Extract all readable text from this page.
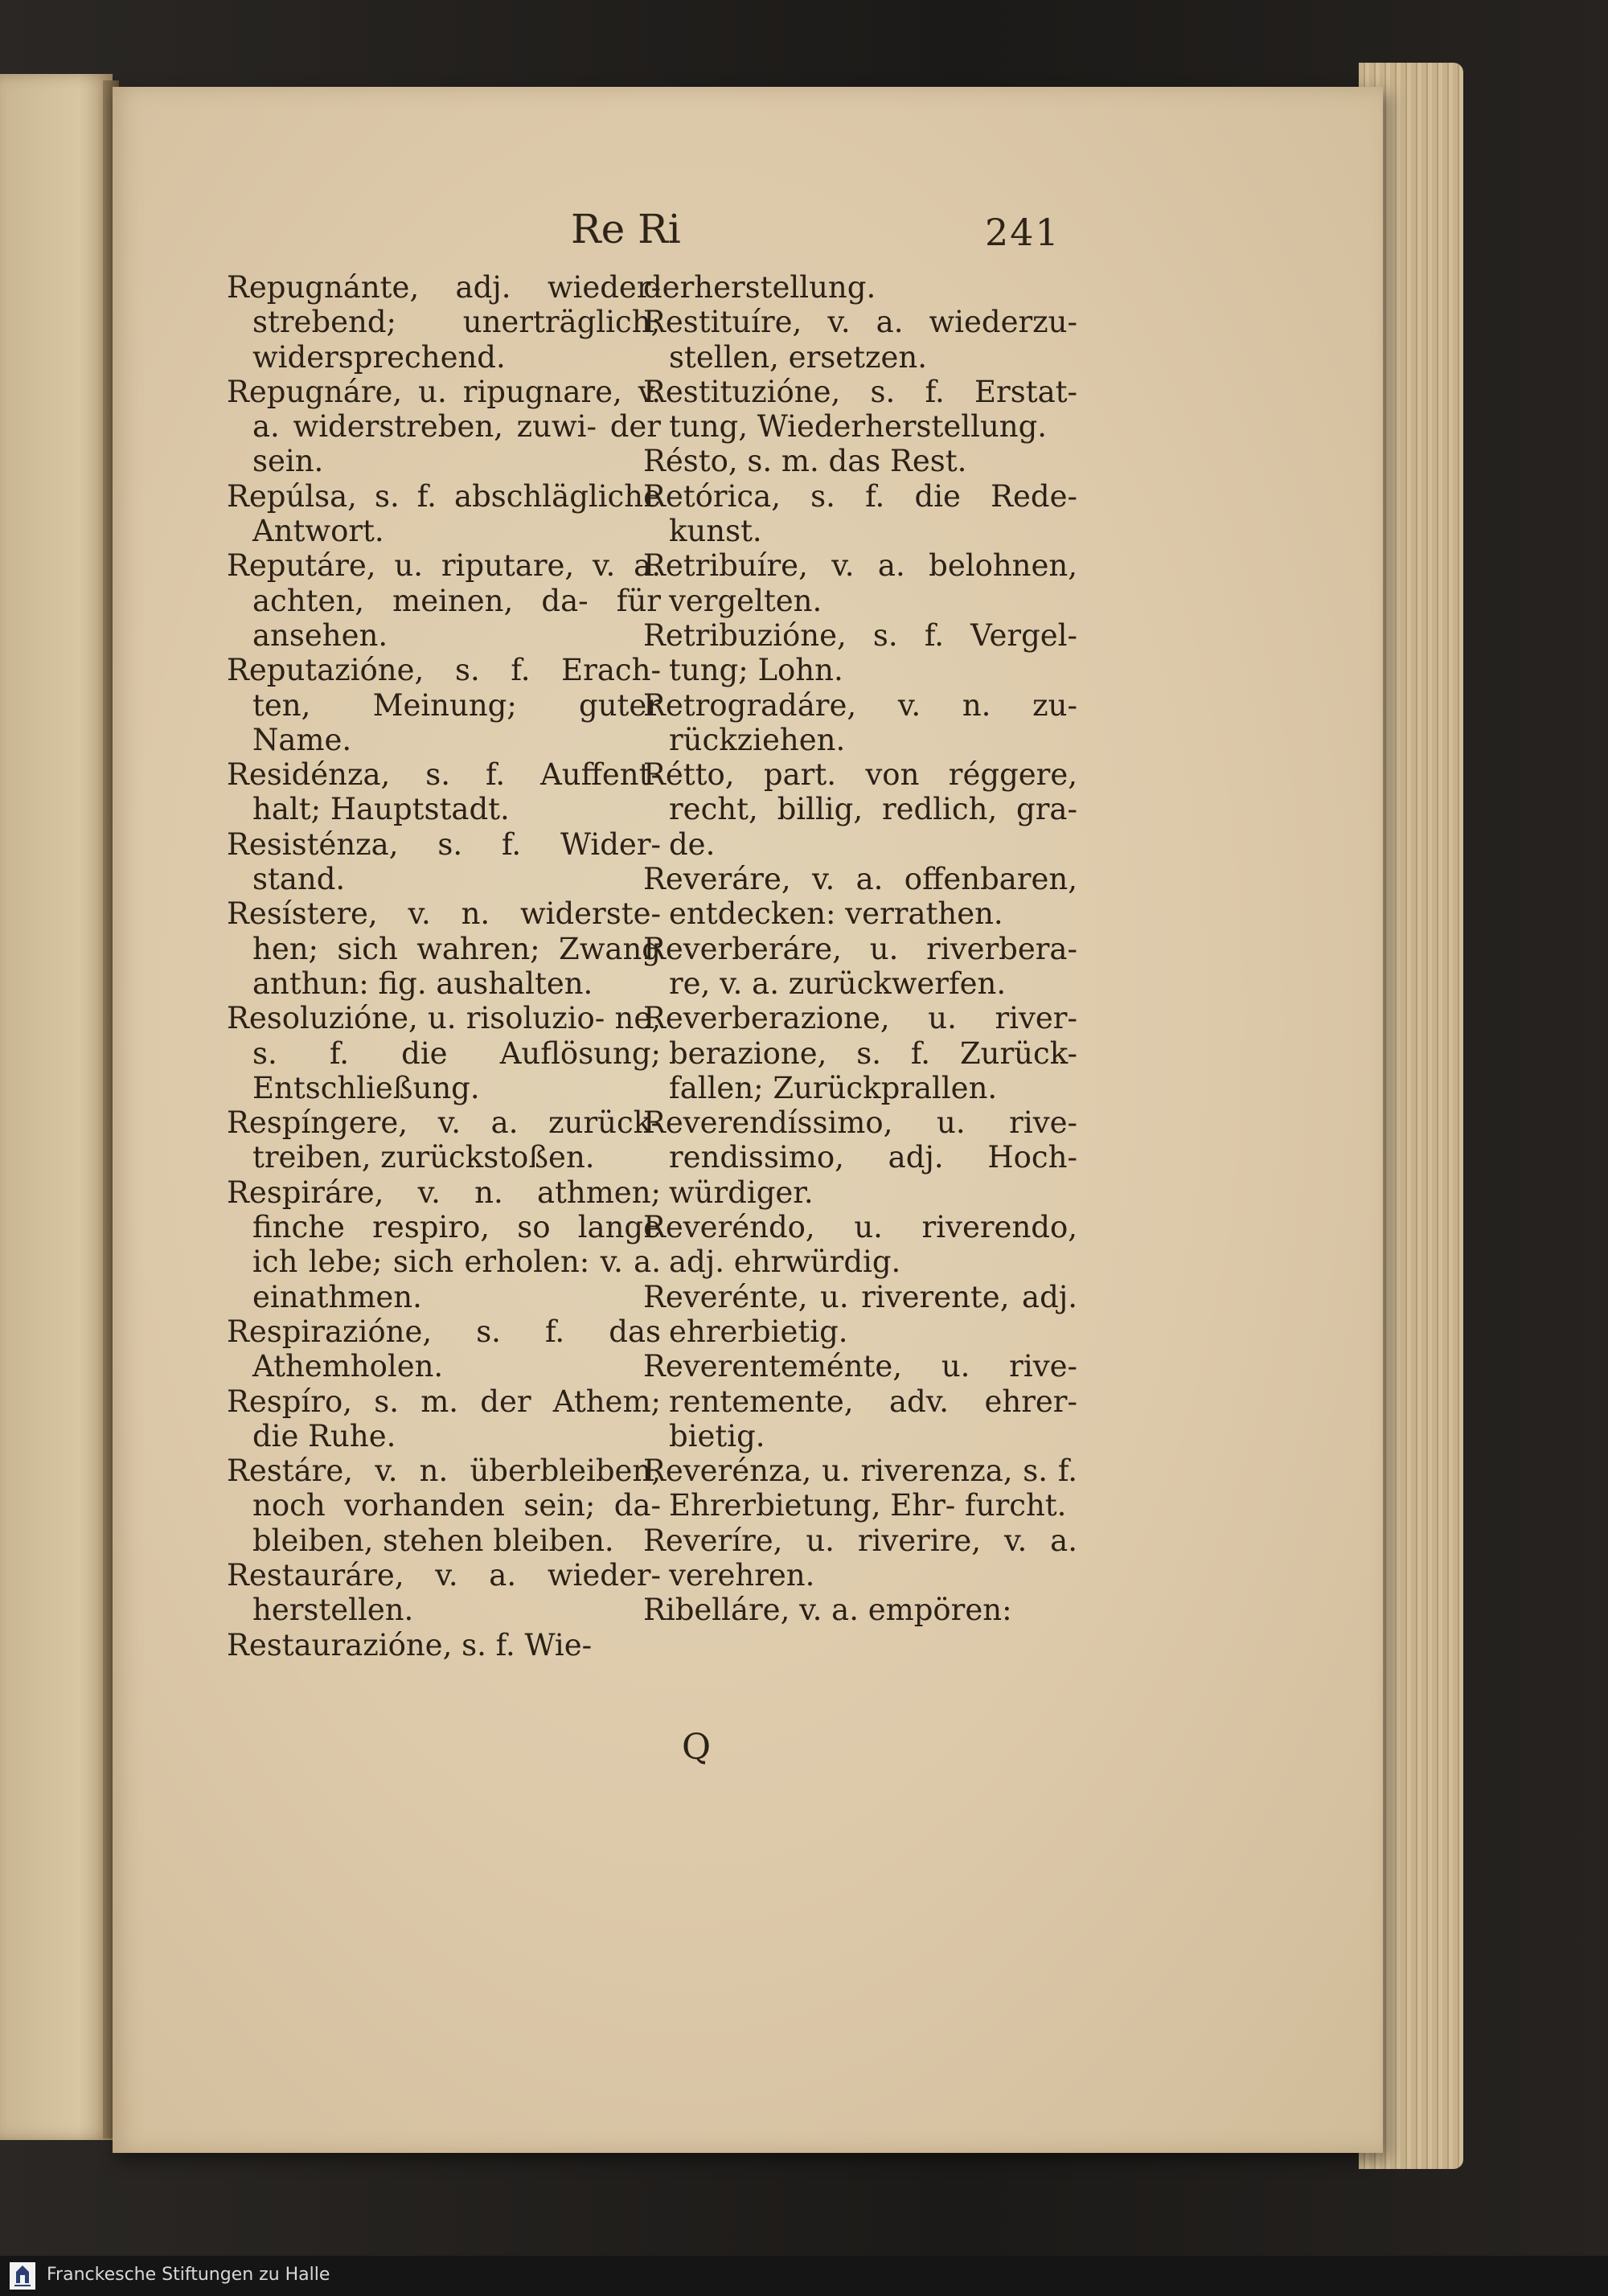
Re Ri	241
Repugnánte, adj. wieder- strebend; unerträglich; widersprechend.
Repugnáre, u. ripugnare, v. a. widerstreben, zuwi- der sein.
Repúlsa, s. f. abschlägliche Antwort.
Reputáre, u. riputare, v. a. achten, meinen, da- für ansehen.
Reputazióne, s. f. Erach- ten, Meinung; guter Name.
Residénza, s. f. Auffent- halt; Hauptstadt.
Resisténza, s. f. Wider- stand.
Resístere, v. n. widerste- hen; sich wahren; Zwang anthun: fig. aushalten.
Resoluzióne, u. risoluzio- ne, s. f. die Auflösung; Entschließung.
Respíngere, v. a. zurück- treiben, zurückstoßen.
Respiráre, v. n. athmen; finche respiro, so lange ich lebe; sich erholen: v. a. einathmen.
Respirazióne, s. f. das Athemholen.
Respíro, s. m. der Athem; die Ruhe.
Restáre, v. n. überbleiben, noch vorhanden sein; da- bleiben, stehen bleiben.
Restauráre, v. a. wieder- herstellen.
Restaurazióne, s. f. Wie-
derherstellung.
Restituíre, v. a. wiederzu- stellen, ersetzen.
Restituzióne, s. f. Erstat- tung, Wiederherstellung.
Résto, s. m. das Rest.
Retórica, s. f. die Rede- kunst.
Retribuíre, v. a. belohnen, vergelten.
Retribuzióne, s. f. Vergel- tung; Lohn.
Retrogradáre, v. n. zu- rückziehen.
Rétto, part. von réggere, recht, billig, redlich, gra- de.
Reveráre, v. a. offenbaren, entdecken: verrathen.
Reverberáre, u. riverbera- re, v. a. zurückwerfen.
Reverberazione, u. river- berazione, s. f. Zurück- fallen; Zurückprallen.
Reverendíssimo, u. rive- rendissimo, adj. Hoch- würdiger.
Reveréndo, u. riverendo, adj. ehrwürdig.
Reverénte, u. riverente, adj. ehrerbietig.
Reverenteménte, u. rive- rentemente, adv. ehrer- bietig.
Reverénza, u. riverenza, s. f. Ehrerbietung, Ehr- furcht.
Reveríre, u. riverire, v. a. verehren.
Ribelláre, v. a. empören:
Q
Franckesche Stiftungen zu Halle
